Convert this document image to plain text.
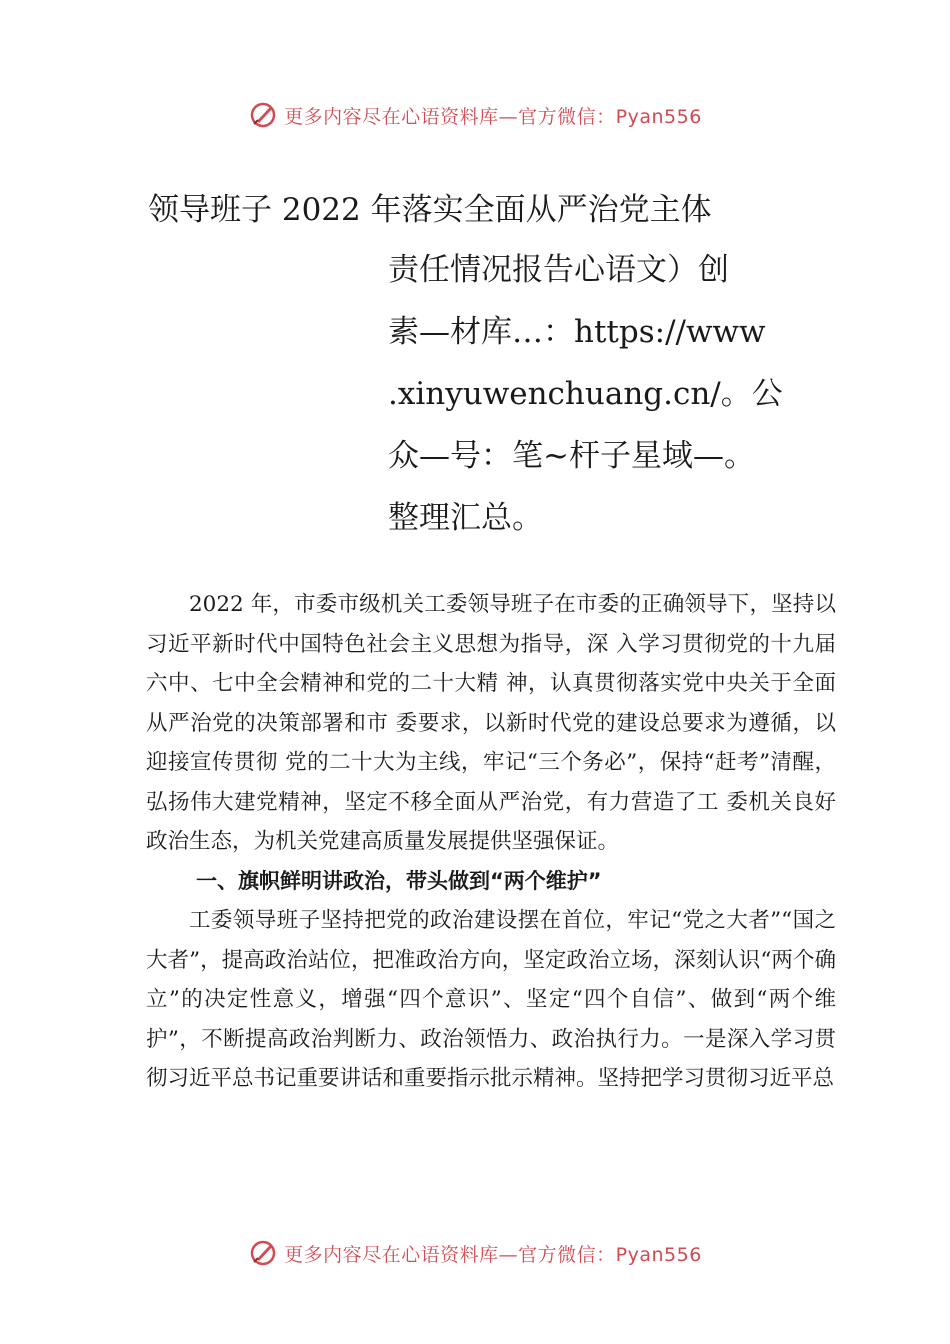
更多内容尽在心语资料库—官方微信：Pyan556
领导班子 2022 年落实全面从严治党主体
责任情况报告心语文）创
素—材库…：https://www
.xinyuwenchuang.cn/。公
众—号：笔~杆子星域—。
整理汇总。

2022 年，市委市级机关工委领导班子在市委的正确领导下，坚持以习近平新时代中国特色社会主义思想为指导，深 入学习贯彻党的十九届六中、七中全会精神和党的二十大精 神，认真贯彻落实党中央关于全面从严治党的决策部署和市 委要求，以新时代党的建设总要求为遵循，以迎接宣传贯彻 党的二十大为主线，牢记“三个务必”，保持“赶考”清醒， 弘扬伟大建党精神，坚定不移全面从严治党，有力营造了工 委机关良好政治生态，为机关党建高质量发展提供坚强保证。

一、旗帜鲜明讲政治，带头做到“两个维护”

工委领导班子坚持把党的政治建设摆在首位，牢记“党之大者”“国之大者”，提高政治站位，把准政治方向，坚定政治立场，深刻认识“两个确立”的决定性意义，增强“四个意识”、坚定“四个自信”、做到“两个维护”，不断提高政治判断力、政治领悟力、政治执行力。一是深入学习贯彻习近平总书记重要讲话和重要指示批示精神。坚持把学习贯彻习近平总

更多内容尽在心语资料库—官方微信：Pyan556
